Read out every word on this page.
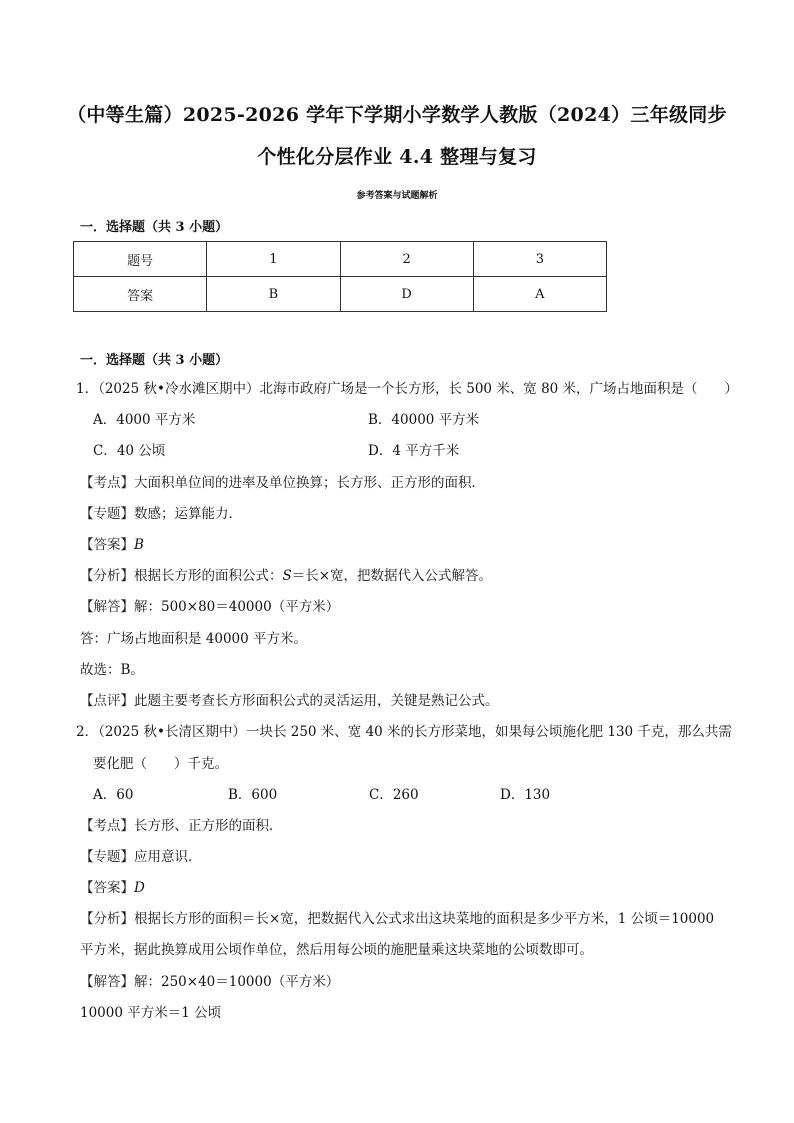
（中等生篇）2025-2026 学年下学期小学数学人教版（2024）三年级同步
个性化分层作业 4.4 整理与复习
参考答案与试题解析
一．选择题（共 3 小题）
题号	1	2	3
答案	B	D	A
一．选择题（共 3 小题）
1．（2025 秋•冷水滩区期中）北海市政府广场是一个长方形，长 500 米、宽 80 米，广场占地面积是（　　）
A．4000 平方米	B．40000 平方米
C．40 公顷	D．4 平方千米
【考点】大面积单位间的进率及单位换算；长方形、正方形的面积．
【专题】数感；运算能力．
【答案】B
【分析】根据长方形的面积公式：S＝长×宽，把数据代入公式解答。
【解答】解：500×80＝40000（平方米）
答：广场占地面积是 40000 平方米。
故选：B。
【点评】此题主要考查长方形面积公式的灵活运用，关键是熟记公式。
2．（2025 秋•长清区期中）一块长 250 米、宽 40 米的长方形菜地，如果每公顷施化肥 130 千克，那么共需
要化肥（　　）千克。
A．60	B．600	C．260	D．130
【考点】长方形、正方形的面积．
【专题】应用意识．
【答案】D
【分析】根据长方形的面积＝长×宽，把数据代入公式求出这块菜地的面积是多少平方米，1 公顷＝10000
平方米，据此换算成用公顷作单位，然后用每公顷的施肥量乘这块菜地的公顷数即可。
【解答】解：250×40＝10000（平方米）
10000 平方米＝1 公顷
